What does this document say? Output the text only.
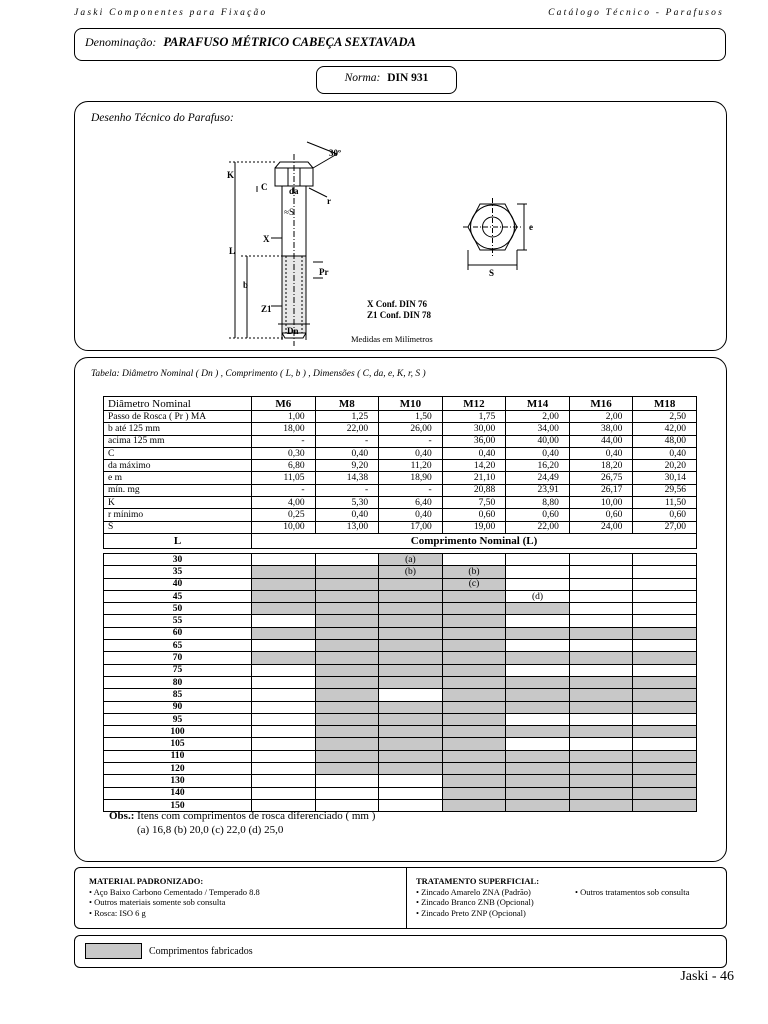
Jaski Componentes para Fixação	Catálogo Técnico - Parafusos
Denominação: PARAFUSO MÉTRICO CABEÇA SEXTAVADA
Norma: DIN 931
Desenho Técnico do Parafuso:
30º
K
C da
≈S
r
L
X
Pr
b
Z1
Dn
e
S
X Conf. DIN 76
Z1 Conf. DIN 78
Medidas em Milímetros
Tabela: Diâmetro Nominal ( Dn ) , Comprimento ( L, b ) , Dimensões ( C, da, e, K, r, S )
Diâmetro Nominal	M6	M8	M10	M12	M14	M16	M18
Passo de Rosca ( Pr ) MA	1,00	1,25	1,50	1,75	2,00	2,00	2,50
b até 125 mm	18,00	22,00	26,00	30,00	34,00	38,00	42,00
acima 125 mm	-	-	-	36,00	40,00	44,00	48,00
C	0,30	0,40	0,40	0,40	0,40	0,40	0,40
da máximo	6,80	9,20	11,20	14,20	16,20	18,20	20,20
e m	11,05	14,38	18,90	21,10	24,49	26,75	30,14
mín. mg	-	-	-	20,88	23,91	26,17	29,56
K	4,00	5,30	6,40	7,50	8,80	10,00	11,50
r mínimo	0,25	0,40	0,40	0,60	0,60	0,60	0,60
S	10,00	13,00	17,00	19,00	22,00	24,00	27,00
L	Comprimento Nominal (L)						
30			(a)				
35			(b)	(b)			
40				(c)			
45					(d)		
50							
55							
60							
65							
70							
75							
80							
85							
90							
95							
100							
105							
110							
120							
130							
140							
150							
Obs.: Itens com comprimentos de rosca diferenciado ( mm )
(a) 16,8 (b) 20,0 (c) 22,0 (d) 25,0
MATERIAL PADRONIZADO:
• Aço Baixo Carbono Cementado / Temperado 8.8
• Outros materiais somente sob consulta
• Rosca: ISO 6 g
TRATAMENTO SUPERFICIAL:
• Zincado Amarelo ZNA (Padrão)
• Zincado Branco ZNB (Opcional)
• Zincado Preto ZNP (Opcional)
• Outros tratamentos sob consulta
Comprimentos fabricados
Jaski - 46
